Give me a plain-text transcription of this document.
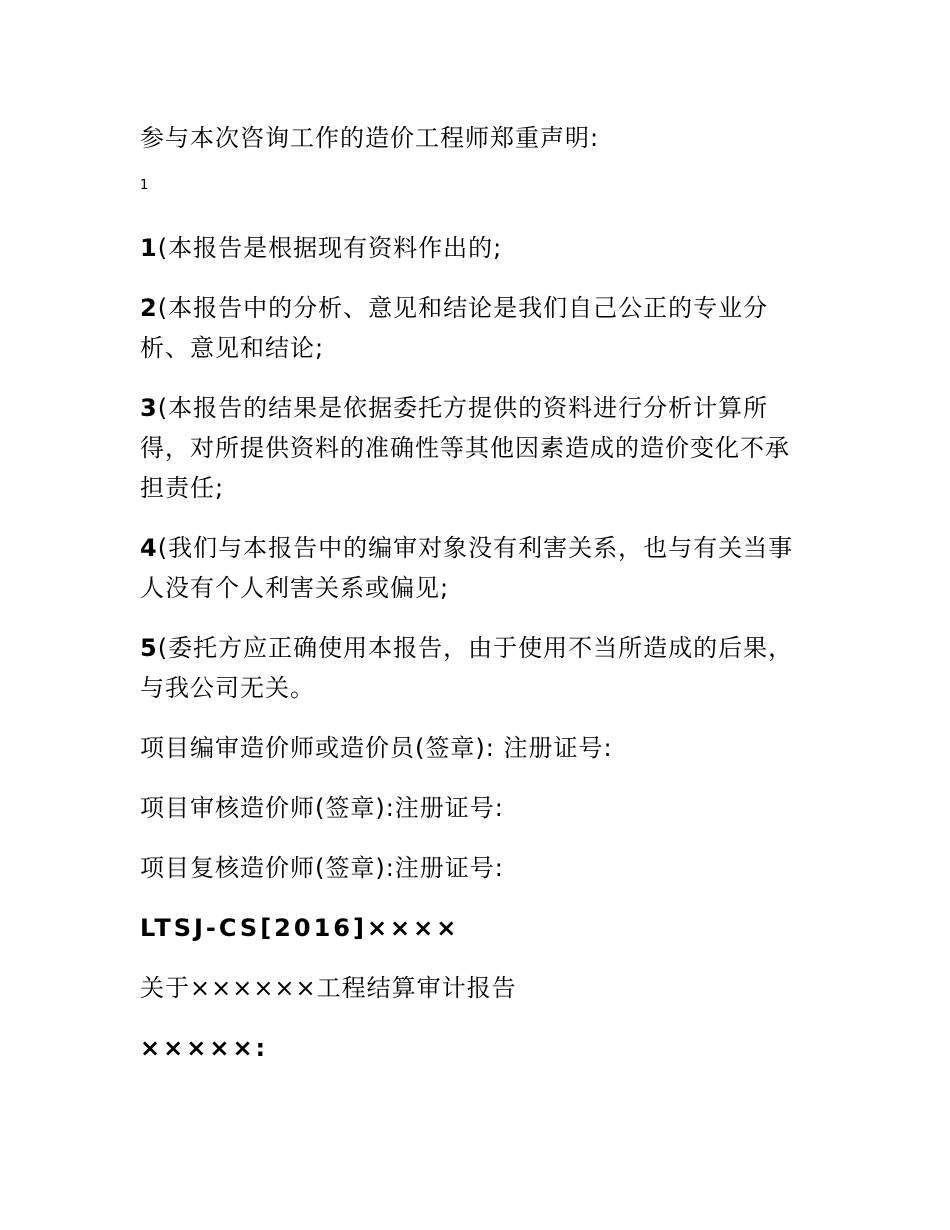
参与本次咨询工作的造价工程师郑重声明:

1

1(本报告是根据现有资料作出的;

2(本报告中的分析、意见和结论是我们自己公正的专业分析、意见和结论;

3(本报告的结果是依据委托方提供的资料进行分析计算所得，对所提供资料的准确性等其他因素造成的造价变化不承担责任;

4(我们与本报告中的编审对象没有利害关系，也与有关当事人没有个人利害关系或偏见;

5(委托方应正确使用本报告，由于使用不当所造成的后果，与我公司无关。

项目编审造价师或造价员(签章): 注册证号:

项目审核造价师(签章):注册证号:

项目复核造价师(签章):注册证号:

LTSJ-CS[2016]××××

关于××××××工程结算审计报告

×××××:
